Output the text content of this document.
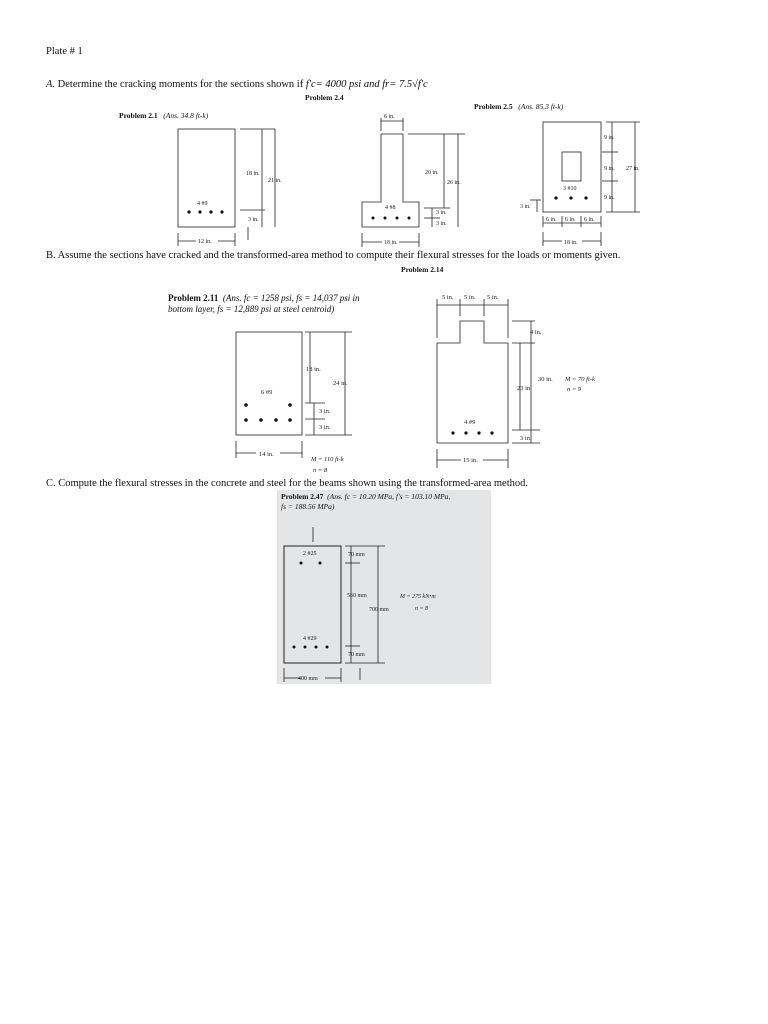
Plate # 1
A. Determine the cracking moments for the sections shown if f'c= 4000 psi and fr= 7.5√f'c
Problem 2.1 (Ans. 34.8 ft-k)
Problem 2.4
Problem 2.5 (Ans. 85.3 ft-k)
B. Assume the sections have cracked and the transformed-area method to compute their flexural stresses for the loads or moments given.
Problem 2.14
Problem 2.11 (Ans. fc = 1258 psi, fs = 14,037 psi in
bottom layer, fs = 12,889 psi at steel centroid)
C. Compute the flexural stresses in the concrete and steel for the beams shown using the transformed-area method.
Problem 2.47 (Ans. fc = 10.20 MPa, f's = 103.10 MPa,
fs = 188.56 MPa)
18 in.
21 in.
3 in.
12 in.
4 #9
6 in.
20 in.
26 in.
3 in.
3 in.
18 in.
4 #8
9 in.
9 in. 27 in.
9 in.
3 in.
6 in. 6 in. 6 in.
18 in.
3 #10
18 in.
24 in.
3 in.
3 in.
14 in.
6 #9
M = 110 ft-k
n = 8
5 in. 5 in. 5 in.
4 in.
23 in.
30 in.
3 in.
15 in.
4 #9
M = 70 ft-k
n = 9
70 mm
560 mm
700 mm
70 mm
400 mm
2 #25
4 #29
M = 275 kN•m
n = 8
